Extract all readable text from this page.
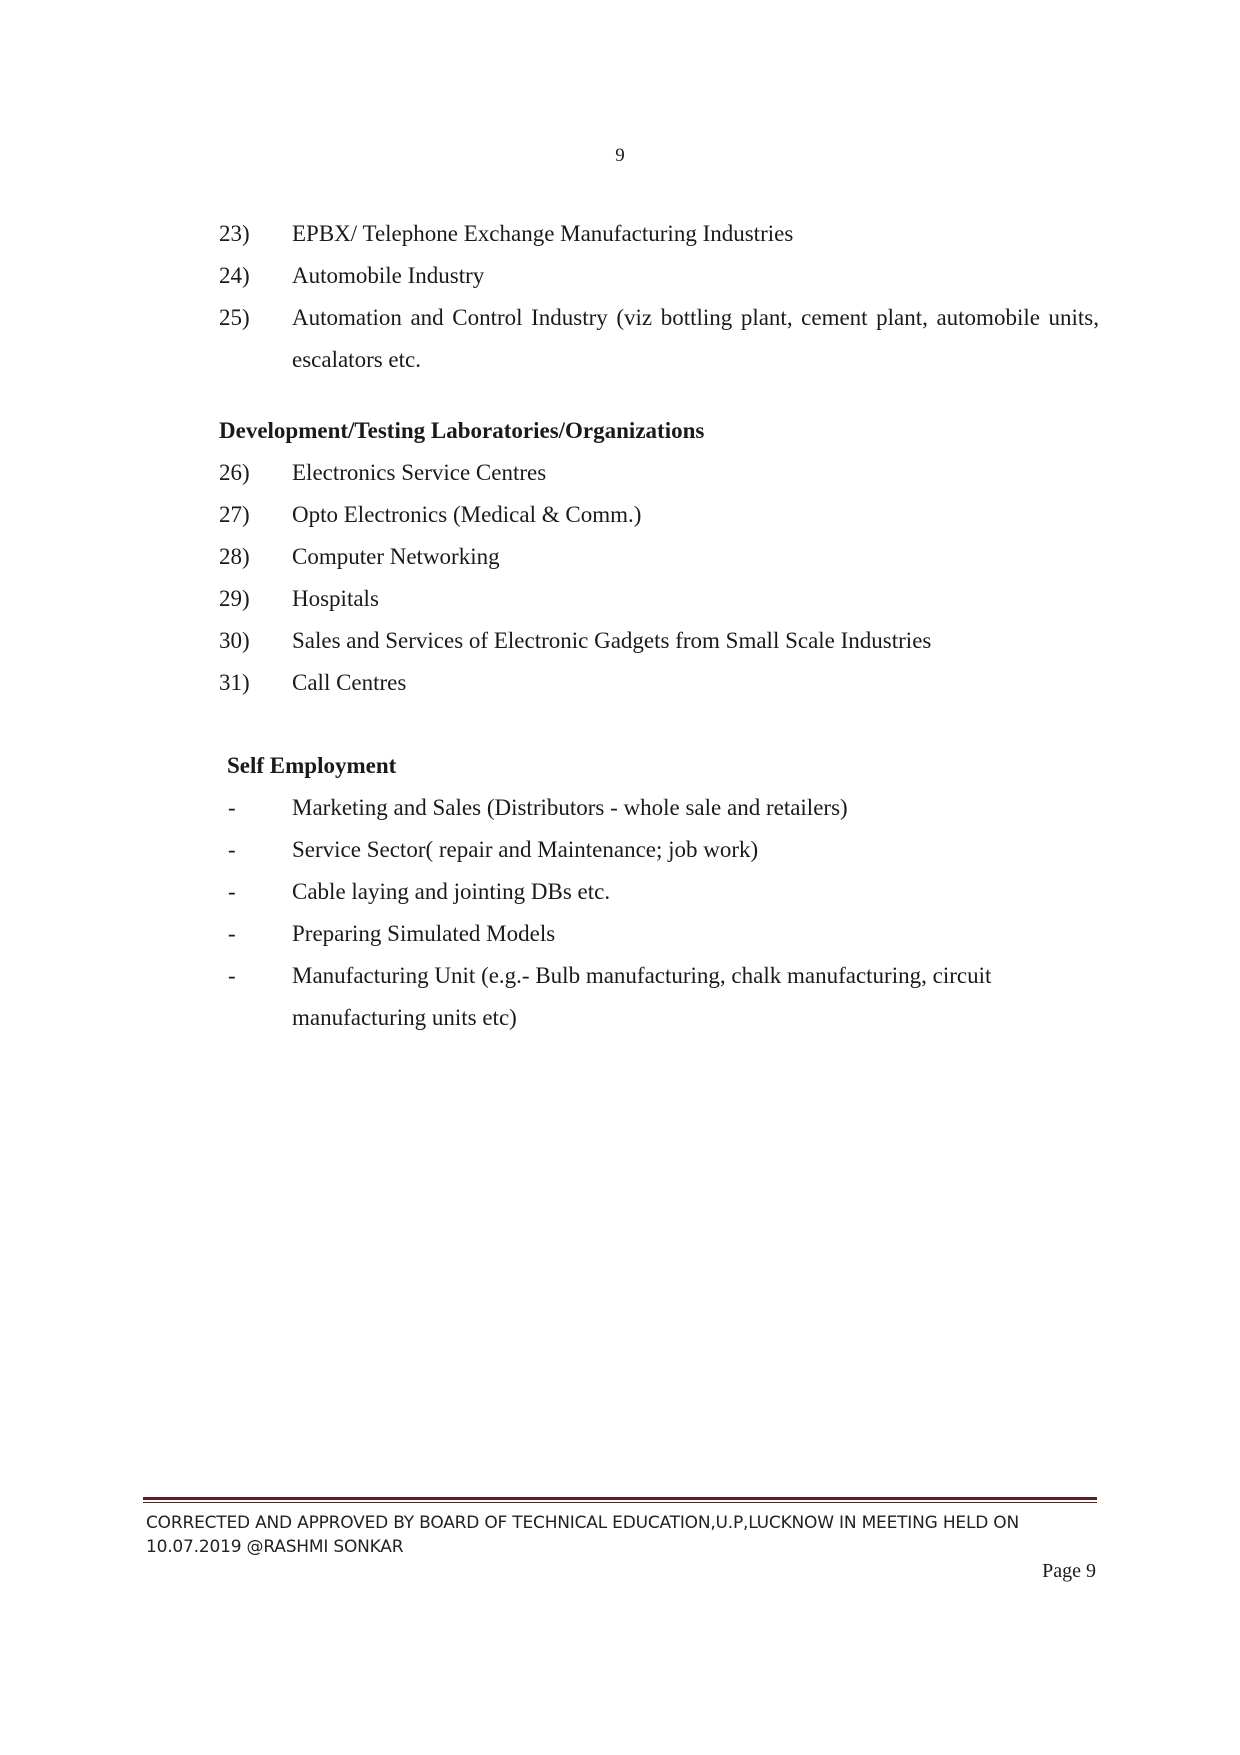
9
23)	EPBX/ Telephone Exchange Manufacturing Industries
24)	Automobile Industry
25)	Automation and Control Industry (viz bottling plant, cement plant, automobile units, escalators etc.
Development/Testing Laboratories/Organizations
26)	Electronics Service Centres
27)	Opto Electronics (Medical & Comm.)
28)	Computer Networking
29)	Hospitals
30)	Sales and Services of Electronic Gadgets from Small Scale Industries
31)	Call Centres
Self Employment
-	Marketing and Sales (Distributors - whole sale and retailers)
-	Service Sector( repair and Maintenance; job work)
-	Cable laying and jointing DBs etc.
-	Preparing Simulated Models
-	Manufacturing Unit (e.g.- Bulb manufacturing, chalk manufacturing, circuit manufacturing units etc)
CORRECTED AND APPROVED BY BOARD OF TECHNICAL EDUCATION,U.P,LUCKNOW IN MEETING HELD ON 10.07.2019 @RASHMI SONKAR
Page 9
